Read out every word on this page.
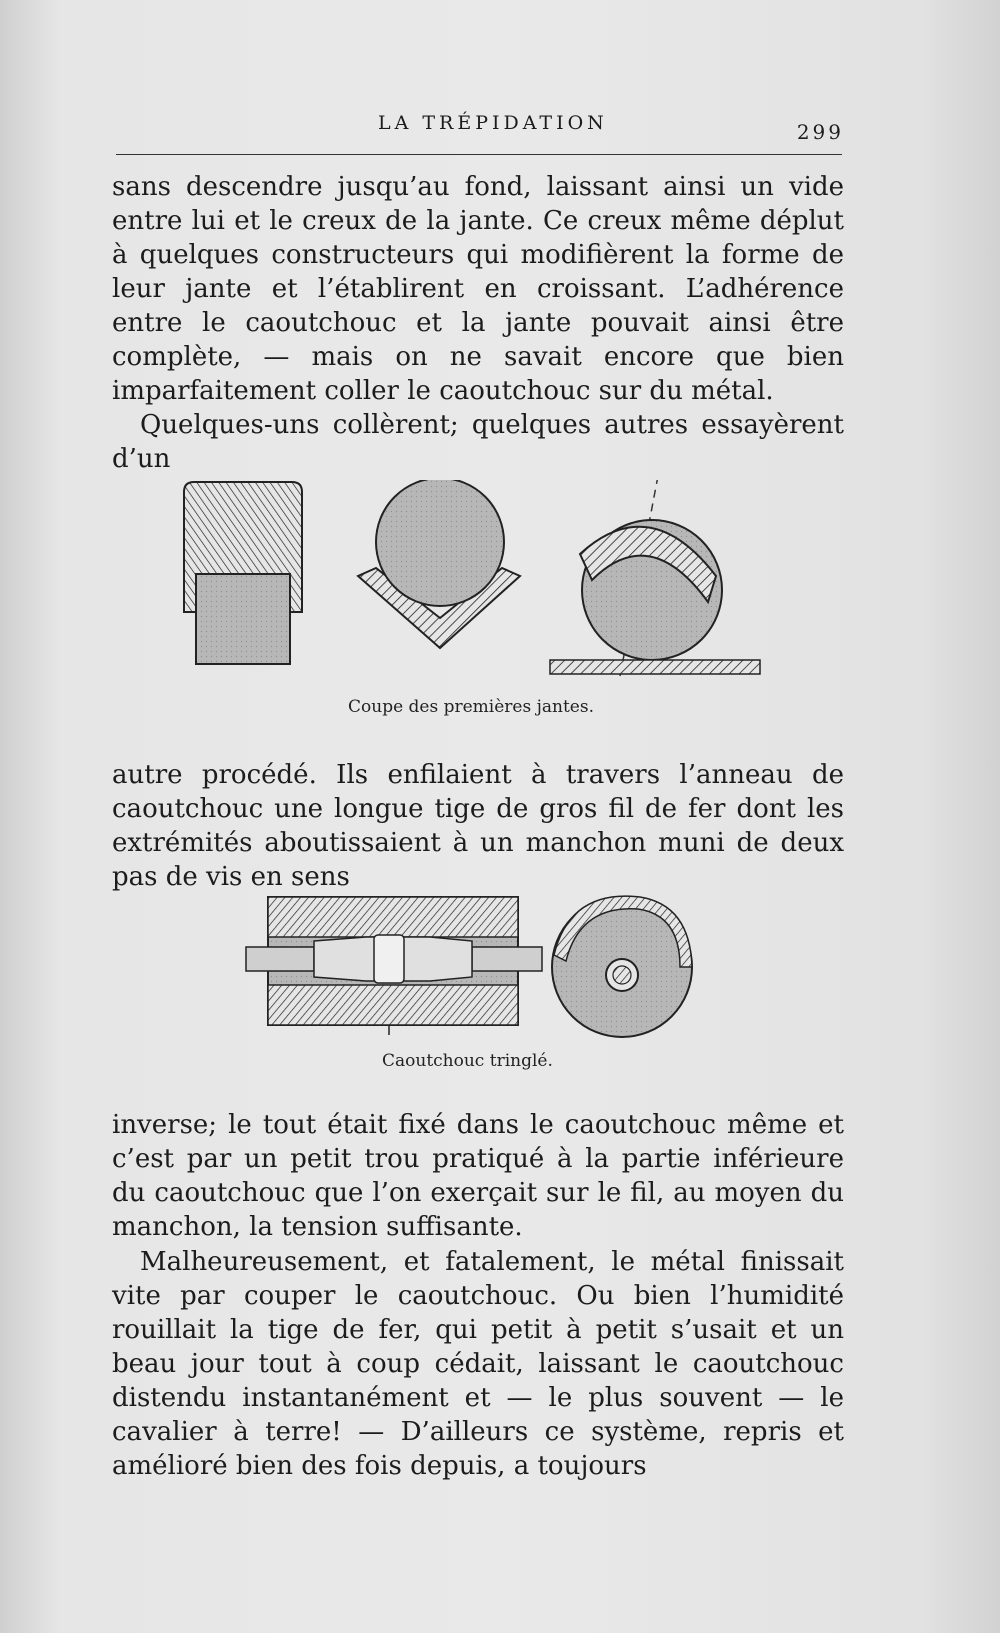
LA TRÉPIDATION	299

sans descendre jusqu’au fond, laissant ainsi un vide entre lui et le creux de la jante. Ce creux même déplut à quelques constructeurs qui modifièrent la forme de leur jante et l’établirent en croissant. L’adhérence entre le caoutchouc et la jante pouvait ainsi être complète, — mais on ne savait encore que bien imparfaitement coller le caoutchouc sur du métal.

Quelques-uns collèrent; quelques autres essayèrent d’un

Coupe des premières jantes.

autre procédé. Ils enfilaient à travers l’anneau de caoutchouc une longue tige de gros fil de fer dont les extrémités aboutissaient à un manchon muni de deux pas de vis en sens

Caoutchouc tringlé.

inverse; le tout était fixé dans le caoutchouc même et c’est par un petit trou pratiqué à la partie inférieure du caoutchouc que l’on exerçait sur le fil, au moyen du manchon, la tension suffisante.

Malheureusement, et fatalement, le métal finissait vite par couper le caoutchouc. Ou bien l’humidité rouillait la tige de fer, qui petit à petit s’usait et un beau jour tout à coup cédait, laissant le caoutchouc distendu instantanément et — le plus souvent — le cavalier à terre! — D’ailleurs ce système, repris et amélioré bien des fois depuis, a toujours
